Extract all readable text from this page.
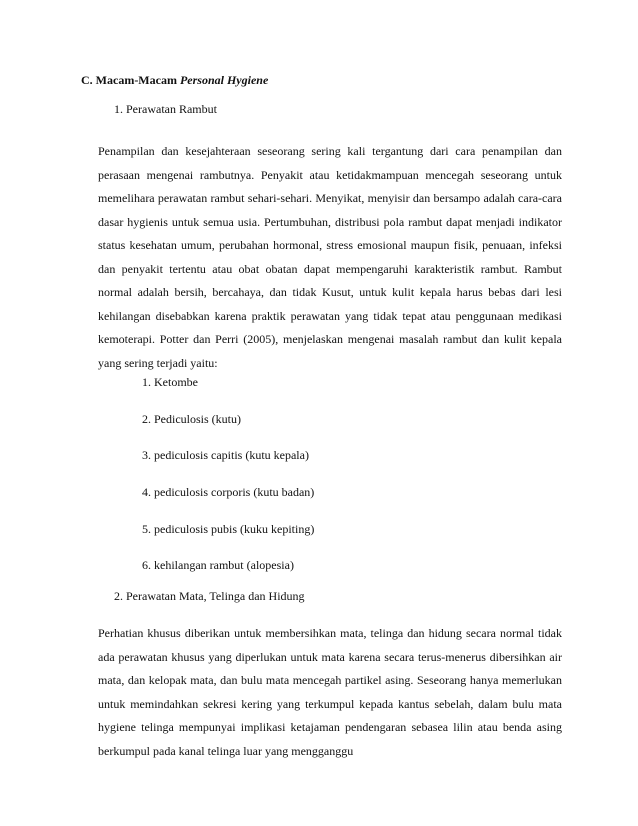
C. Macam-Macam Personal Hygiene
1. Perawatan Rambut
Penampilan dan kesejahteraan seseorang sering kali tergantung dari cara penampilan dan perasaan mengenai rambutnya. Penyakit atau ketidakmampuan mencegah seseorang untuk memelihara perawatan rambut sehari-sehari. Menyikat, menyisir dan bersampo adalah cara-cara dasar hygienis untuk semua usia. Pertumbuhan, distribusi pola rambut dapat menjadi indikator status kesehatan umum, perubahan hormonal, stress emosional maupun fisik, penuaan, infeksi dan penyakit tertentu atau obat obatan dapat mempengaruhi karakteristik rambut. Rambut normal adalah bersih, bercahaya, dan tidak Kusut, untuk kulit kepala harus bebas dari lesi kehilangan disebabkan karena praktik perawatan yang tidak tepat atau penggunaan medikasi kemoterapi. Potter dan Perri (2005), menjelaskan mengenai masalah rambut dan kulit kepala yang sering terjadi yaitu:
1. Ketombe
2. Pediculosis (kutu)
3. pediculosis capitis (kutu kepala)
4. pediculosis corporis (kutu badan)
5. pediculosis pubis (kuku kepiting)
6. kehilangan rambut (alopesia)
2. Perawatan Mata, Telinga dan Hidung
Perhatian khusus diberikan untuk membersihkan mata, telinga dan hidung secara normal tidak ada perawatan khusus yang diperlukan untuk mata karena secara terus-menerus dibersihkan air mata, dan kelopak mata, dan bulu mata mencegah partikel asing. Seseorang hanya memerlukan untuk memindahkan sekresi kering yang terkumpul kepada kantus sebelah, dalam bulu mata hygiene telinga mempunyai implikasi ketajaman pendengaran sebasea lilin atau benda asing berkumpul pada kanal telinga luar yang mengganggu
